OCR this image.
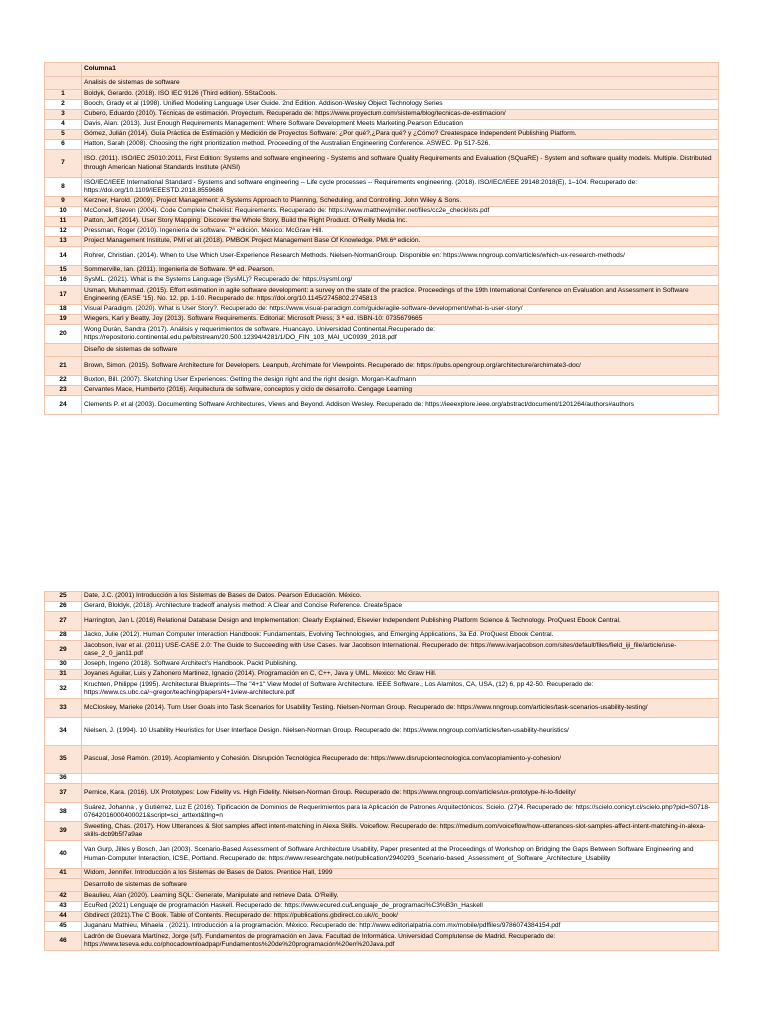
	Columna1
	Analisis de sistemas de software
1	Boldyk, Gerardo. (2018). ISO IEC 9126 (Third edition). 5StaCools.
2	Booch, Grady et al (1998). Unified Modeling Language User Guide. 2nd Edition. Addison-Wesley Object Technology Series
3	Cubero, Eduardo (2010). Técnicas de estimación. Proyectum. Recuperado de: https://www.proyectum.com/sistema/blog/tecnicas-de-estimacion/
4	Davis, Alan. (2013). Just Enough Requirements Management: Where Software Development Meets Marketing.Pearson Education
5	Gómez, Julián (2014). Guía Práctica de Estimación y Medición de Proyectos Software: ¿Por qué?,¿Para qué? y ¿Cómo? Createspace Independent Publishing Platform.
6	Hatton, Sarah (2008). Choosing the right prioritization method. Proceeding of the Australian Engineering Conference. ASWEC. Pp 517-526.
7	ISO. (2011). ISO/IEC 25010:2011, First Edition: Systems and software engineering - Systems and software Quality Requirements and Evaluation (SQuaRE) - System and software quality models. Multiple. Distributed through American National Standards Institute (ANSI)
8	ISO/IEC/IEEE International Standard - Systems and software engineering -- Life cycle processes -- Requirements engineering. (2018). ISO/IEC/IEEE 29148:2018(E), 1–104. Recuperado de: https://doi.org/10.1109/IEEESTD.2018.8559686
9	Kerzner, Harold. (2009). Project Management: A Systems Approach to Planning, Scheduling, and Controlling. John Wiley & Sons.
10	McConell, Steven (2004). Code Complete Cheklist: Requirements. Recuperado de: https://www.matthewjmiller.net/files/cc2e_checklists.pdf
11	Patton, Jeff (2014). User Story Mapping: Discover the Whole Story, Build the Right Product. O'Reilly Media Inc.
12	Pressman, Roger (2010). Ingeniería de software. 7ª edición. México: McGraw Hill.
13	Project Management Institute, PMI et alt (2018). PMBOK Project Management Base Of Knowledge. PMI.6ª edición.
14	Rohrer, Christian. (2014). When to Use Which User-Experience Research Methods. Nielsen-NormanGroup. Disponible en: https://www.nngroup.com/articles/which-ux-research-methods/
15	Sommerville, Ian. (2011). Ingeniería de Software. 9ª ed. Pearson.
16	SysML. (2021). What is the Systems Language (SysML)? Recuperado de: https://sysml.org/
17	Usman, Muhammad. (2015). Effort estimation in agile software development: a survey on the state of the practice. Proceedings of the 19th International Conference on Evaluation and Assessment in Software Engineering (EASE '15). No. 12. pp. 1-10. Recuperado de: https://doi.org/10.1145/2745802.2745813
18	Visual Paradigm. (2020). What is User Story?. Recuperado de: https://www.visual-paradigm.com/guide/agile-software-development/what-is-user-story/
19	Wiegers, Karl y Beatty, Joy (2013). Software Requirements. Editorial: Microsoft Press; 3 ª ed. ISBN-10: 0735679665
20	Wong Durán, Sandra (2017). Análisis y requerimientos de software. Huancayo. Universidad Continental.Recuperado de: https://repositorio.continental.edu.pe/bitstream/20.500.12394/4281/1/DO_FIN_103_MAI_UC0939_2018.pdf
	Diseño de sistemas de software
21	Brown, Simon. (2015). Software Architecture for Developers. Leanpub, Archimate for Viewpoints. Recuperado de: https://pubs.opengroup.org/architecture/archimate3-doc/
22	Buxton, Bill. (2007). Sketching User Experiences: Getting the design right and the right design. Morgan-Kaufmann
23	Cervantes Mace, Humberto (2016). Arquitectura de software, conceptos y ciclo de desarrollo. Cengage Learning
24	Clements P. et al (2003). Documenting Software Architectures, Views and Beyond. Addison Wesley. Recuperado de: https://ieeexplore.ieee.org/abstract/document/1201264/authors#authors
25	Date, J.C. (2001) Introducción a los Sistemas de Bases de Datos. Pearson Educación. México.
26	Gerard, Bloldyk, (2018). Architecture tradeoff analysis method: A Clear and Concise Reference. CreateSpace
27	Harrington, Jan L (2016) Relational Database Design and Implementation: Clearly Explained, Elsevier Independent Publishing Platform Science & Technology. ProQuest Ebook Central.
28	Jacko, Julie (2012). Human Computer Interaction Handbook: Fundamentals, Evolving Technologies, and Emerging Applications, 3a Ed. ProQuest Ebook Central.
29	Jacobson, Ivar et al. (2011) USE-CASE 2.0: The Guide to Succeeding with Use Cases. Ivar Jacobson International. Recuperado de: https://www.ivarjacobson.com/sites/default/files/field_iji_file/article/use-case_2_0_jan11.pdf
30	Joseph, Ingeno (2018). Software Architect's Handbook. Packt Publishing.
31	Joyanes Aguilar, Luis y Zahonero Martinez, Ignacio (2014). Programación en C, C++, Java y UML. Mexico: Mc Graw Hill.
32	Kruchten, Philippe (1995). Architectural Blueprints—The "4+1" View Model of Software Architecture. IEEE Software., Los Alamitos, CA, USA, (12) 6, pp 42-50. Recuperado de: https://www.cs.ubc.ca/~gregor/teaching/papers/4+1view-architecture.pdf
33	McCloskey, Marieke (2014). Turn User Goals into Task Scenarios for Usability Testing. Nielsen-Norman Group. Recuperado de: https://www.nngroup.com/articles/task-scenarios-usability-testing/
34	Nielsen, J. (1994). 10 Usability Heuristics for User Interface Design. Nielsen-Norman Group. Recuperado de: https://www.nngroup.com/articles/ten-usability-heuristics/
35	Pascual, José Ramón. (2019). Acoplamiento y Cohesión. Disrupción Tecnológica Recuperado de: https://www.disrupciontecnologica.com/acoplamiento-y-cohesion/
36	
37	Pernice, Kara. (2016). UX Prototypes: Low Fidelity vs. High Fidelity. Nielsen-Norman Group. Recuperado de: https://www.nngroup.com/articles/ux-prototype-hi-lo-fidelity/
38	Suárez, Johanna , y Gutiérrez, Luz E (2016). Tipificación de Dominios de Requerimientos para la Aplicación de Patrones Arquitectónicos. Scielo. (27)4. Recuperado de: https://scielo.conicyt.cl/scielo.php?pid=S0718-07642016000400021&script=sci_arttext&tlng=n
39	Sweeting, Chas. (2017). How Utterances & Slot samples affect intent-matching in Alexa Skills. Voiceflow. Recuperado de: https://medium.com/voiceflow/how-utterances-slot-samples-affect-intent-matching-in-alexa-skills-dcb9b5f7a9ae
40	Van Gurp, Jilles y Bosch, Jan (2003). Scenario-Based Assessment of Software Architecture Usability, Paper presented at the Proceedings of Workshop on Bridging the Gaps Between Software Engineering and Human-Computer Interaction, ICSE, Portland. Recuperado de: https://www.researchgate.net/publication/2940293_Scenario-based_Assessment_of_Software_Architecture_Usability
41	Widom, Jennifer. Introducción a los Sistemas de Bases de Datos. Prentice Hall, 1999
	Desarrollo de sistemas de software
42	Beaulieu, Alan (2020). Learning SQL: Generate, Manipulate and retrieve Data. O'Reilly.
43	EcuRed (2021) Lenguaje de programación Haskell. Recuperado de: https://www.ecured.cu/Lenguaje_de_programaci%C3%B3n_Haskell
44	Gbdirect (2021).The C Book. Table of Contents. Recuperado de: https://publications.gbdirect.co.uk//c_book/
45	Juganaru Mathieu, Mihaela . (2021). Introducción a la programación. México. Recuperado de: http://www.editorialpatria.com.mx/mobile/pdffiles/9786074384154.pdf
46	Ladrón de Guevara Martínez, Jorge (s/f). Fundamentos de programación en Java. Facultad de Informática. Universidad Complutense de Madrid. Recuperado de: https://www.teseva.edu.co/phocadownloadpap/Fundamentos%20de%20programación%20en%20Java.pdf
